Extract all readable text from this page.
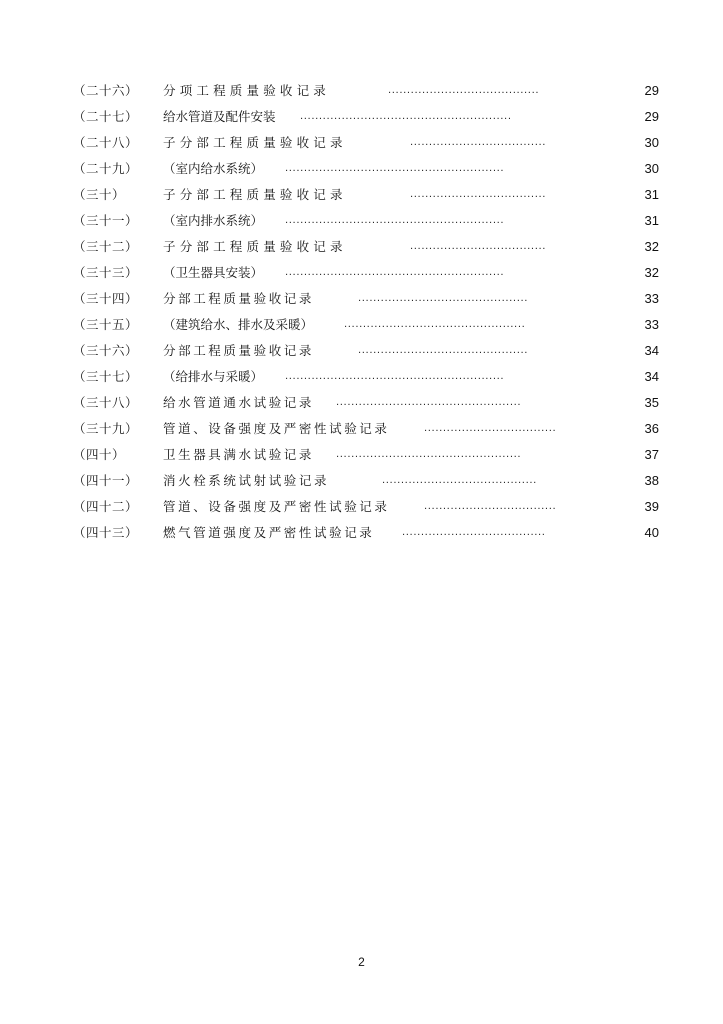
（二十六） 分项工程质量验收记录	........................................	29
（二十七） 给水管道及配件安装 ........................................................	29
（二十八） 子分部工程质量验收记录	....................................	30
（二十九） （室内给水系统） ..........................................................	30
（三十）	子分部工程质量验收记录	....................................	31
（三十一） （室内排水系统） ..........................................................	31
（三十二） 子分部工程质量验收记录	....................................	32
（三十三） （卫生器具安装） ..........................................................	32
（三十四） 分部工程质量验收记录	.............................................	33
（三十五） （建筑给水、排水及采暖）	................................................	33
（三十六） 分部工程质量验收记录	.............................................	34
（三十七） （给排水与采暖） ..........................................................	34
（三十八） 给水管道通水试验记录 .................................................	35
（三十九） 管道、设备强度及严密性试验记录	...................................	36
（四十）	卫生器具满水试验记录 .................................................	37
（四十一） 消火栓系统试射试验记录	.........................................	38
（四十二） 管道、设备强度及严密性试验记录	...................................	39
（四十三） 燃气管道强度及严密性试验记录	......................................	40
2
